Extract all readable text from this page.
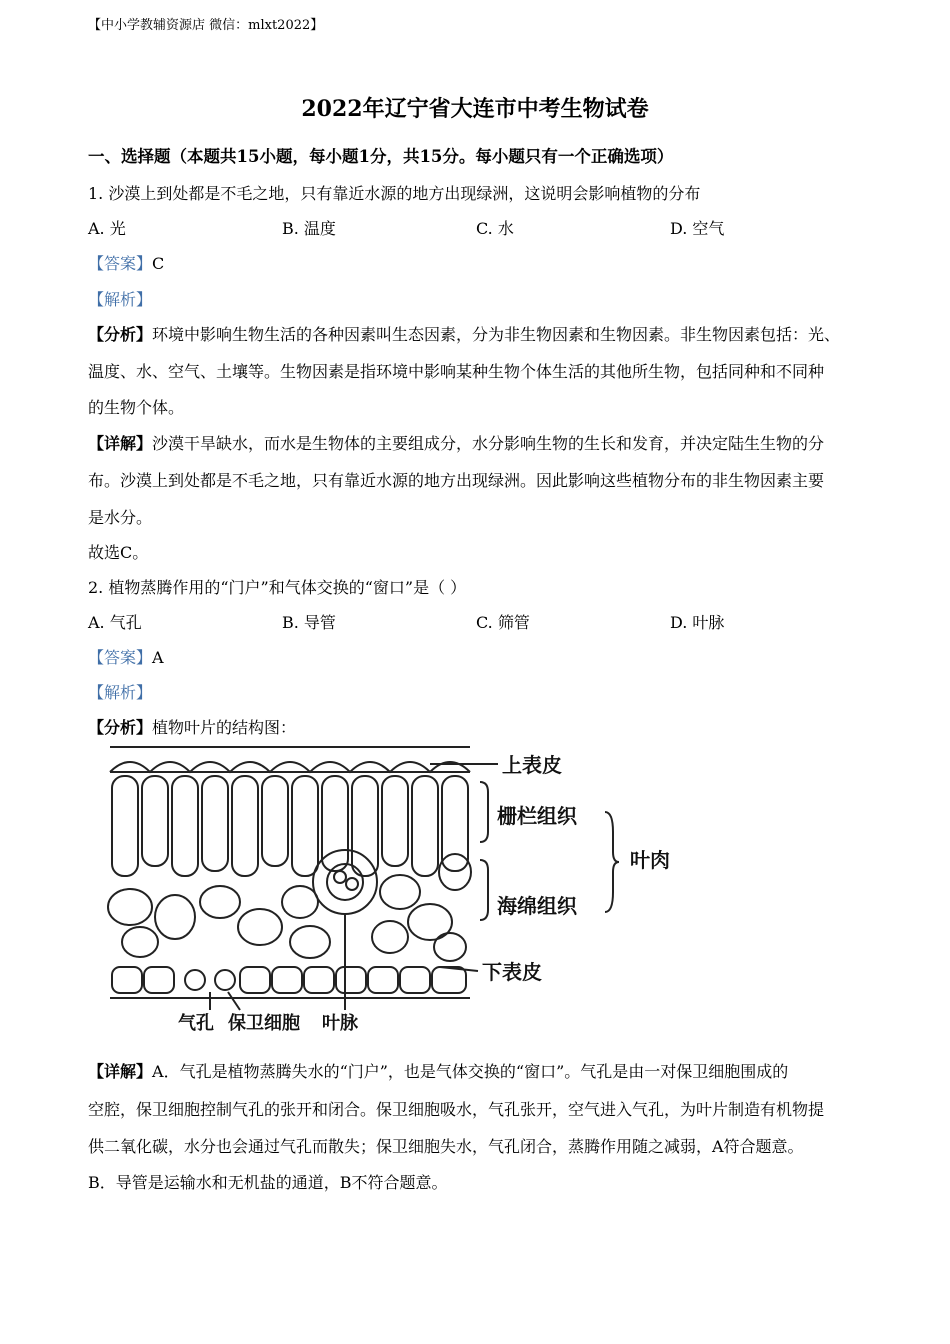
【中小学教辅资源店 微信：mlxt2022】
2022年辽宁省大连市中考生物试卷
一、选择题（本题共15小题，每小题1分，共15分。每小题只有一个正确选项）
1. 沙漠上到处都是不毛之地，只有靠近水源的地方出现绿洲，这说明会影响植物的分布
A. 光	B. 温度	C. 水	D. 空气
【答案】C
【解析】
【分析】环境中影响生物生活的各种因素叫生态因素，分为非生物因素和生物因素。非生物因素包括：光、
温度、水、空气、土壤等。生物因素是指环境中影响某种生物个体生活的其他所生物，包括同种和不同种
的生物个体。
【详解】沙漠干旱缺水，而水是生物体的主要组成分，水分影响生物的生长和发育，并决定陆生生物的分
布。沙漠上到处都是不毛之地，只有靠近水源的地方出现绿洲。因此影响这些植物分布的非生物因素主要
是水分。
故选C。
2. 植物蒸腾作用的“门户”和气体交换的“窗口”是（ ）
A. 气孔	B. 导管	C. 筛管	D. 叶脉
【答案】A
【解析】
【分析】植物叶片的结构图：
上表皮
栅栏组织
叶肉
海绵组织
下表皮
气孔 保卫细胞 叶脉
【详解】A．气孔是植物蒸腾失水的“门户”，也是气体交换的“窗口”。气孔是由一对保卫细胞围成的
空腔，保卫细胞控制气孔的张开和闭合。保卫细胞吸水，气孔张开，空气进入气孔，为叶片制造有机物提
供二氧化碳，水分也会通过气孔而散失；保卫细胞失水，气孔闭合，蒸腾作用随之减弱，A符合题意。
B．导管是运输水和无机盐的通道，B不符合题意。
